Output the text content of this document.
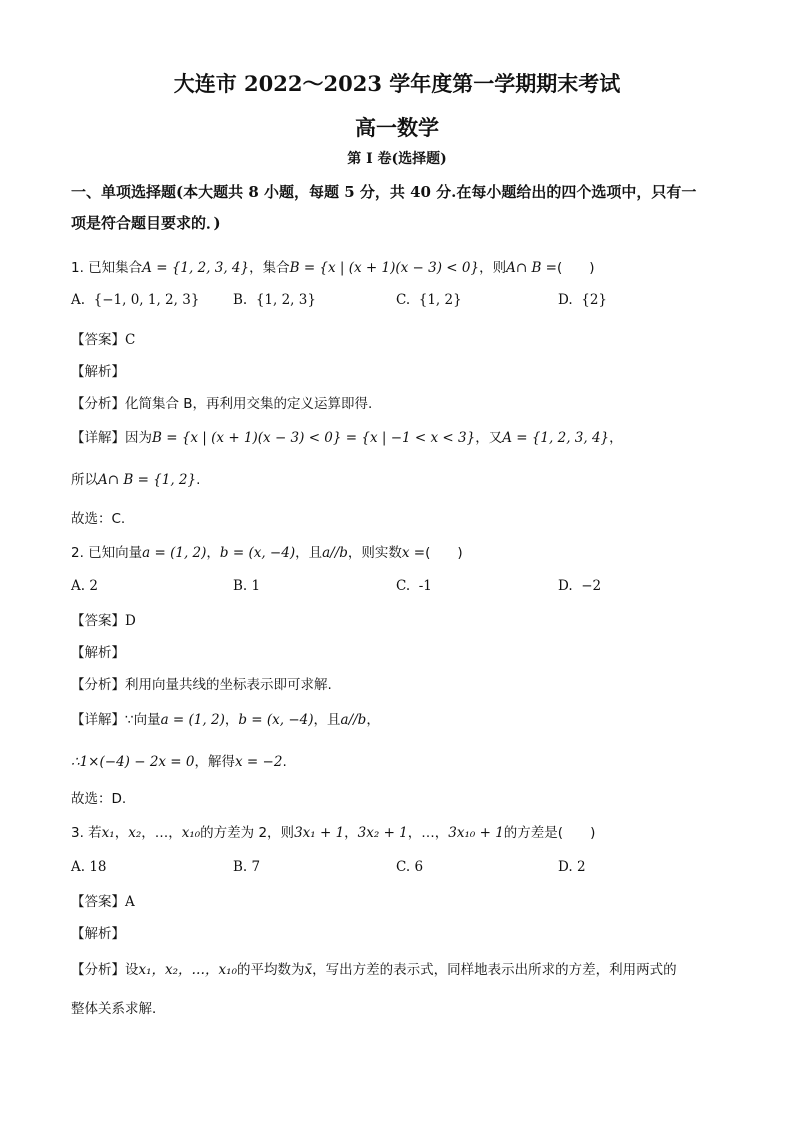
大连市 2022～2023 学年度第一学期期末考试
高一数学
第 I 卷(选择题)
一、单项选择题(本大题共 8 小题，每题 5 分，共 40 分.在每小题给出的四个选项中，只有一
项是符合题目要求的．)
1. 已知集合A = {1, 2, 3, 4}，集合B = {x | (x + 1)(x − 3) < 0}，则A∩ B =(　　)
A. {−1, 0, 1, 2, 3} B. {1, 2, 3}	C. {1, 2}	D. {2}
【答案】C
【解析】
【分析】化简集合 B，再利用交集的定义运算即得.
【详解】因为B = {x | (x + 1)(x − 3) < 0} = {x | −1 < x < 3}，又A = {1, 2, 3, 4}，
所以A∩ B = {1, 2}.
故选：C.
2. 已知向量a = (1, 2)，b = (x, −4)，且a//b，则实数x =(　　)
A. 2	B. 1	C. -1	D. −2
【答案】D
【解析】
【分析】利用向量共线的坐标表示即可求解.
【详解】∵向量a = (1, 2)，b = (x, −4)，且a//b，
∴1×(−4) − 2x = 0，解得x = −2.
故选：D.
3. 若x₁，x₂，…，x₁₀的方差为 2，则3x₁ + 1，3x₂ + 1，…，3x₁₀ + 1的方差是(　　)
A. 18	B. 7	C. 6	D. 2
【答案】A
【解析】
【分析】设x₁，x₂，…，x₁₀的平均数为x̄，写出方差的表示式，同样地表示出所求的方差，利用两式的
整体关系求解．
